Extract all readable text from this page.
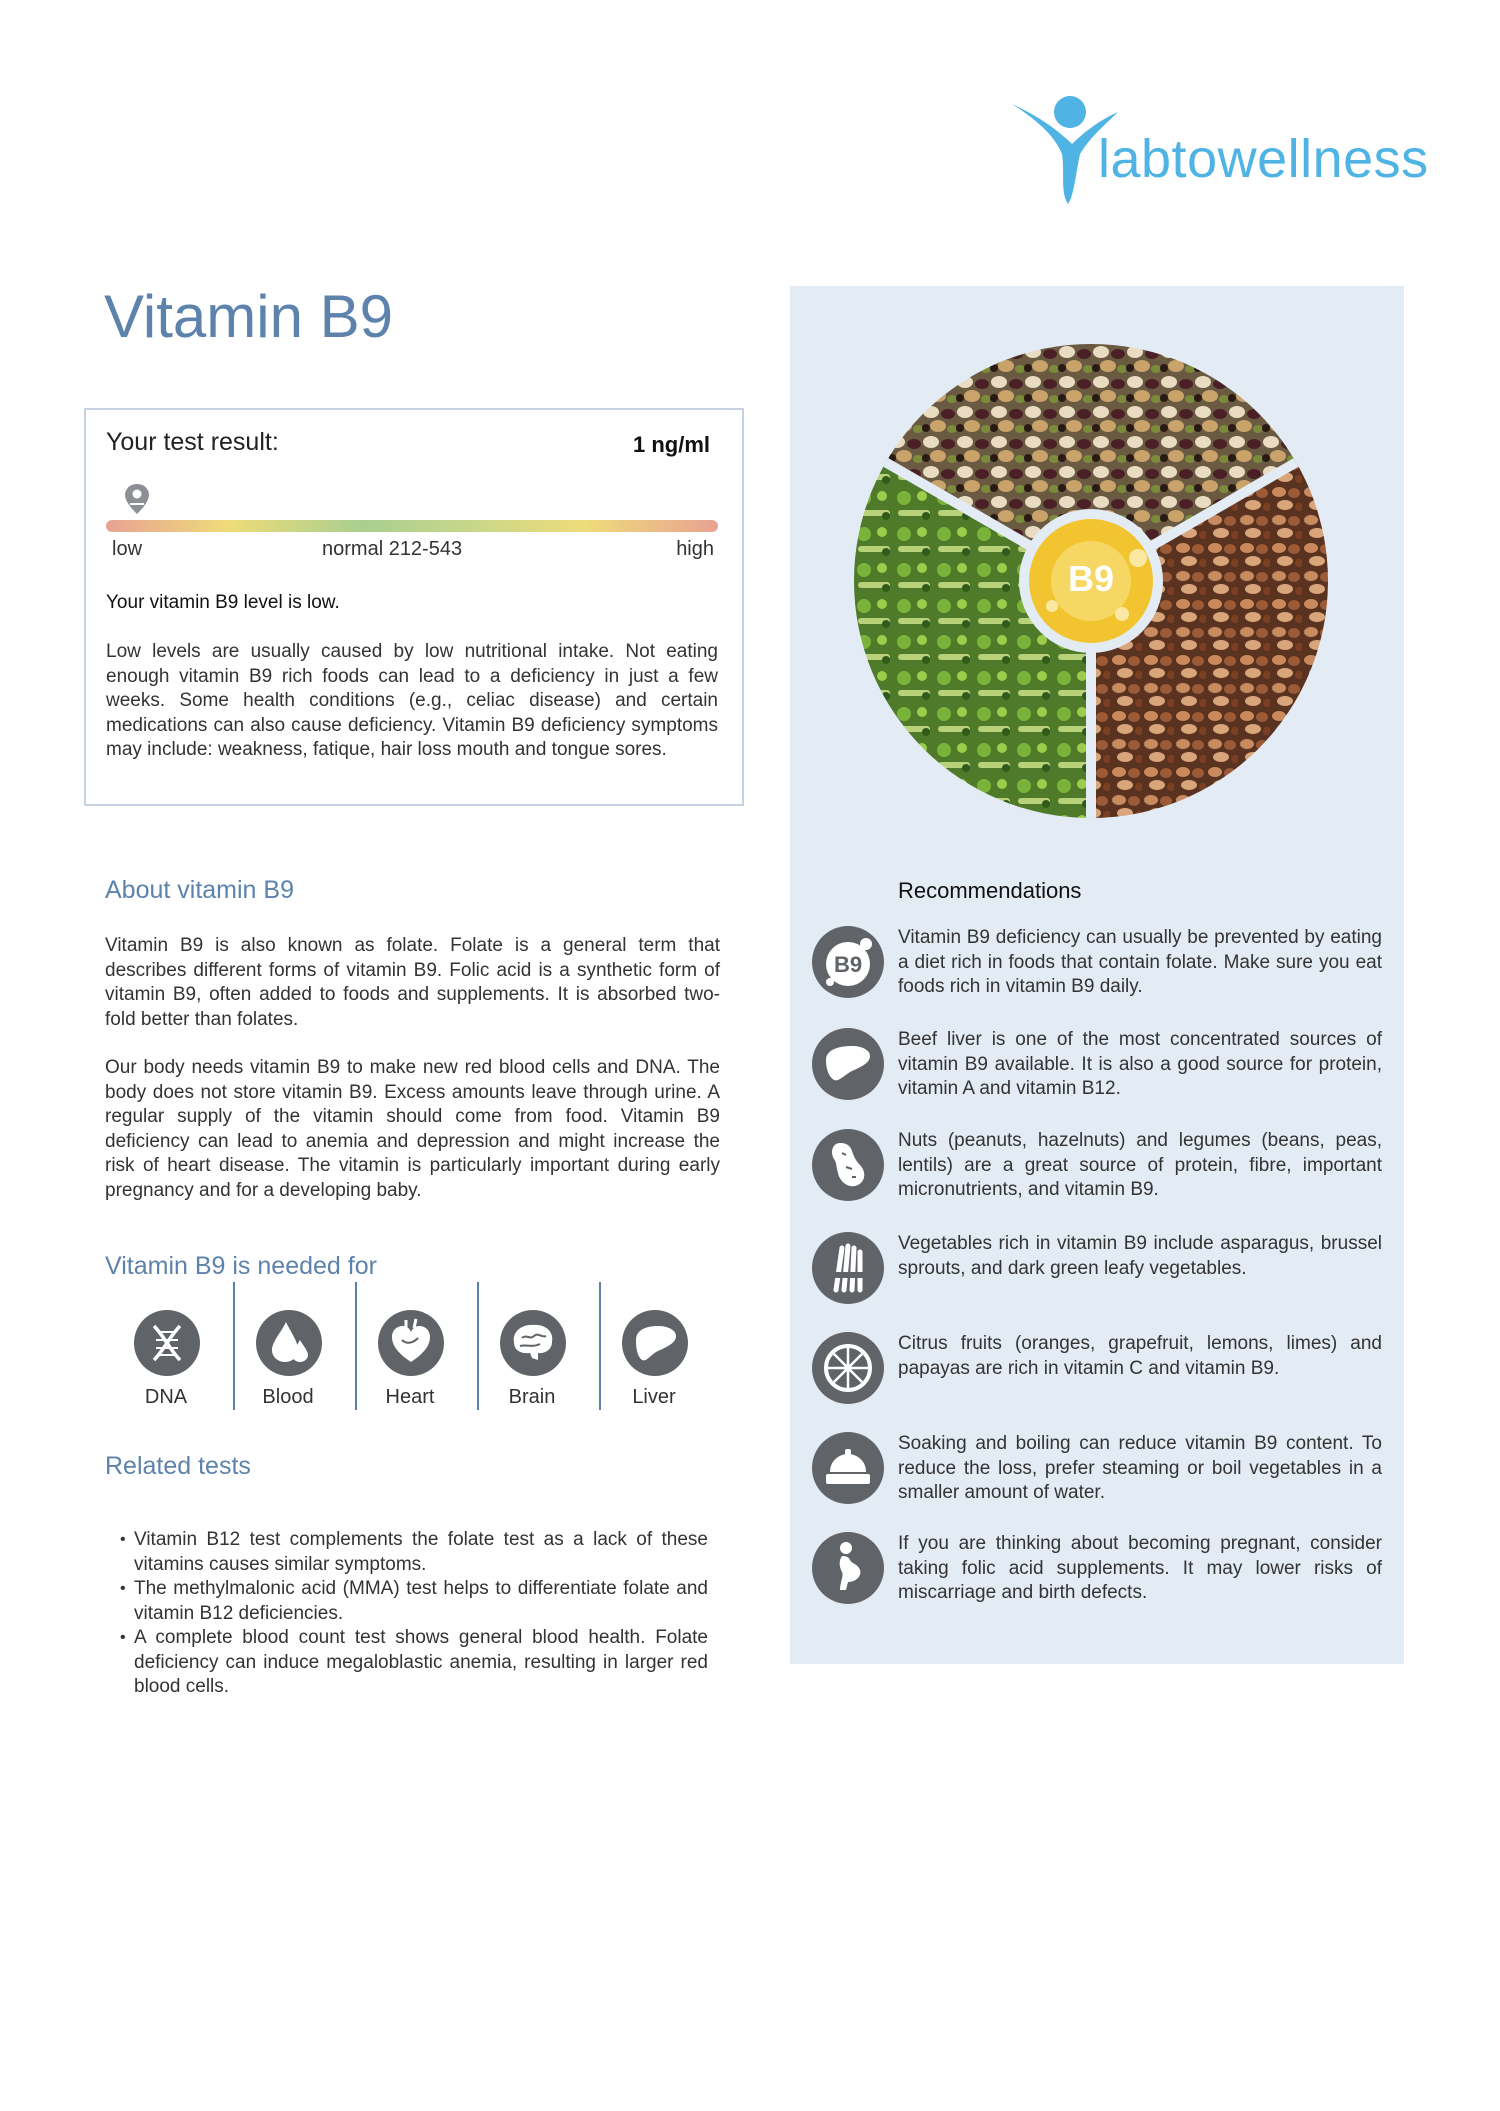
labtowellness
Vitamin B9
Your test result:	1 ng/ml
low	normal 212-543	high
Your vitamin B9 level is low.
Low levels are usually caused by low nutritional intake. Not eating enough vitamin B9 rich foods can lead to a deficiency in just a few weeks. Some health conditions (e.g., celiac disease) and certain medications can also cause deficiency. Vitamin B9 deficiency symptoms may include: weakness, fatique, hair loss mouth and tongue sores.
About vitamin B9

Vitamin B9 is also known as folate. Folate is a general term that describes different forms of vitamin B9. Folic acid is a synthetic form of vitamin B9, often added to foods and supplements. It is absorbed two-fold better than folates.

Our body needs vitamin B9 to make new red blood cells and DNA. The body does not store vitamin B9. Excess amounts leave through urine. A regular supply of the vitamin should come from food. Vitamin B9 deficiency can lead to anemia and depression and might increase the risk of heart disease. The vitamin is particularly important during early pregnancy and for a developing baby.

Vitamin B9 is needed for
DNA	Blood	Heart	Brain	Liver
Related tests
• Vitamin B12 test complements the folate test as a lack of these vitamins causes similar symptoms.
• The methylmalonic acid (MMA) test helps to differentiate folate and vitamin B12 deficiencies.
• A complete blood count test shows general blood health. Folate deficiency can induce megaloblastic anemia, resulting in larger red blood cells.
B9
Recommendations
B9
Vitamin B9 deficiency can usually be prevented by eating a diet rich in foods that contain folate. Make sure you eat foods rich in vitamin B9 daily.
Beef liver is one of the most concentrated sources of vitamin B9 available. It is also a good source for protein, vitamin A and vitamin B12.
Nuts (peanuts, hazelnuts) and legumes (beans, peas, lentils) are a great source of protein, fibre, important micronutrients, and vitamin B9.
Vegetables rich in vitamin B9 include asparagus, brussel sprouts, and dark green leafy vegetables.
Citrus fruits (oranges, grapefruit, lemons, limes) and papayas are rich in vitamin C and vitamin B9.
Soaking and boiling can reduce vitamin B9 content. To reduce the loss, prefer steaming or boil vegetables in a smaller amount of water.
If you are thinking about becoming pregnant, consider taking folic acid supplements. It may lower risks of miscarriage and birth defects.
